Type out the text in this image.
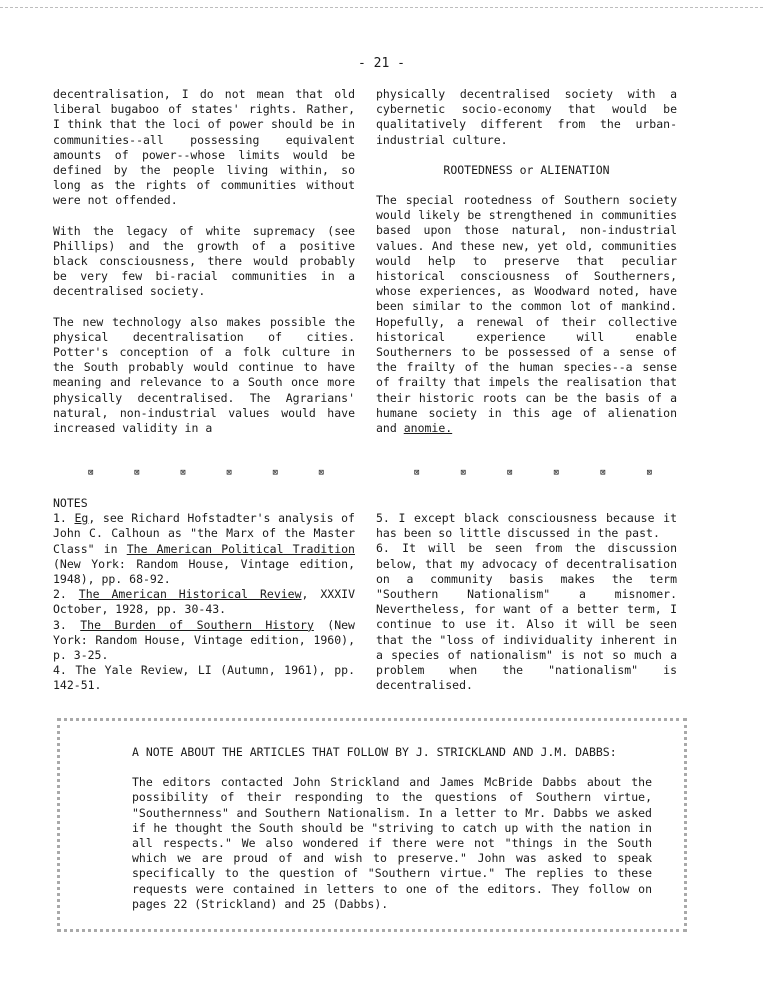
- 21 -

decentralisation, I do not mean that old liberal bugaboo of states' rights. Rather, I think that the loci of power should be in communities--all possessing equivalent amounts of power--whose limits would be defined by the people living within, so long as the rights of communities without were not offended.

With the legacy of white supremacy (see Phillips) and the growth of a positive black consciousness, there would probably be very few bi-racial communities in a decentralised society.

The new technology also makes possible the physical decentralisation of cities. Potter's conception of a folk culture in the South probably would continue to have meaning and relevance to a South once more physically decentralised. The Agrarians' natural, non-industrial values would have increased validity in a

physically decentralised society with a cybernetic socio-economy that would be qualitatively different from the urban-industrial culture.

ROOTEDNESS or ALIENATION

The special rootedness of Southern society would likely be strengthened in communities based upon those natural, non-industrial values. And these new, yet old, communities would help to preserve that peculiar historical consciousness of Southerners, whose experiences, as Woodward noted, have been similar to the common lot of mankind. Hopefully, a renewal of their collective historical experience will enable Southerners to be possessed of a sense of the frailty of the human species--a sense of frailty that impels the realisation that their historic roots can be the basis of a humane society in this age of alienation and anomie.

⊠	⊠	⊠	⊠	⊠	⊠	⊠	⊠	⊠	⊠	⊠	⊠
NOTES
1. Eg, see Richard Hofstadter's analysis of John C. Calhoun as "the Marx of the Master Class" in The American Political Tradition (New York: Random House, Vintage edition, 1948), pp. 68-92.
2. The American Historical Review, XXXIV October, 1928, pp. 30-43.
3. The Burden of Southern History (New York: Random House, Vintage edition, 1960), p. 3-25.
4. The Yale Review, LI (Autumn, 1961), pp. 142-51.
5. I except black consciousness because it has been so little discussed in the past.
6. It will be seen from the discussion below, that my advocacy of decentralisation on a community basis makes the term "Southern Nationalism" a misnomer. Nevertheless, for want of a better term, I continue to use it. Also it will be seen that the "loss of individuality inherent in a species of nationalism" is not so much a problem when the "nationalism" is decentralised.
A NOTE ABOUT THE ARTICLES THAT FOLLOW BY J. STRICKLAND AND J.M. DABBS:
The editors contacted John Strickland and James McBride Dabbs about the possibility of their responding to the questions of Southern virtue, "Southernness" and Southern Nationalism. In a letter to Mr. Dabbs we asked if he thought the South should be "striving to catch up with the nation in all respects." We also wondered if there were not "things in the South which we are proud of and wish to preserve." John was asked to speak specifically to the question of "Southern virtue." The replies to these requests were contained in letters to one of the editors. They follow on pages 22 (Strickland) and 25 (Dabbs).
